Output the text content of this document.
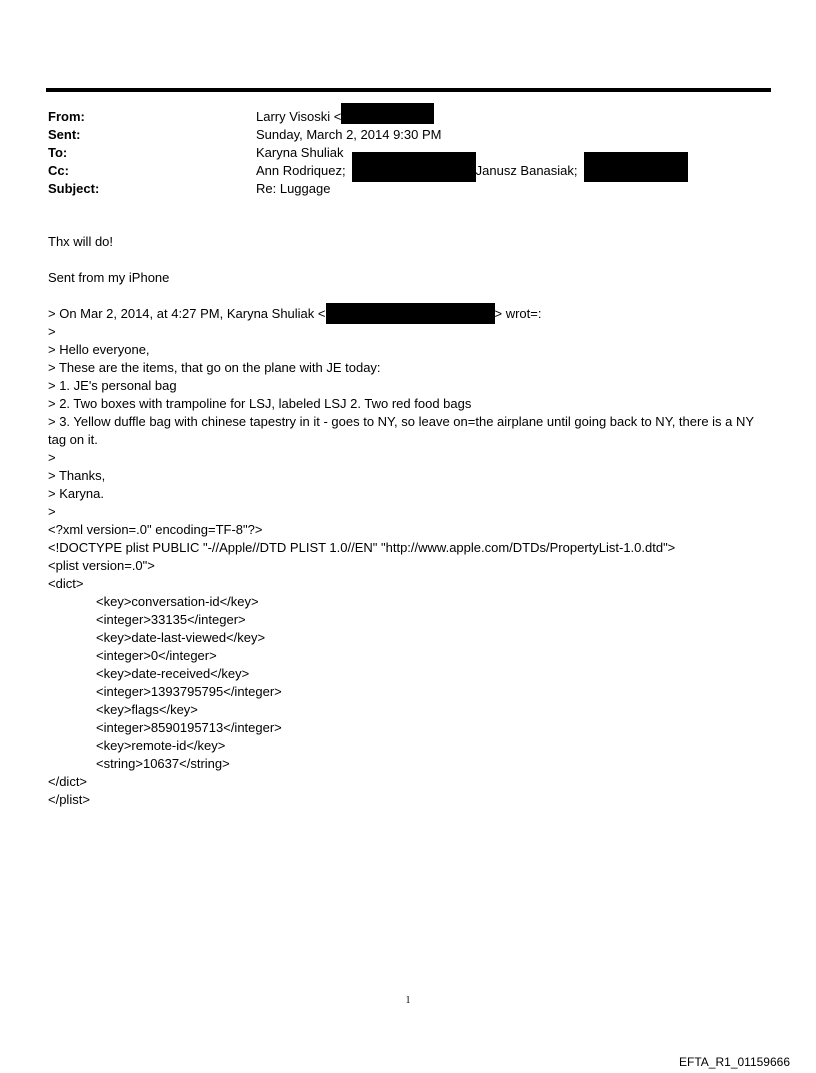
From:	Larry Visoski <
Sent:	Sunday, March 2, 2014 9:30 PM
To:	Karyna Shuliak
Cc:	Ann Rodriquez;	Janusz Banasiak;
Subject:	Re: Luggage
Thx will do!
Sent from my iPhone
> On Mar 2, 2014, at 4:27 PM, Karyna Shuliak <	> wrot=:
>
> Hello everyone,
> These are the items, that go on the plane with JE today:
> 1. JE's personal bag
> 2. Two boxes with trampoline for LSJ, labeled LSJ 2. Two red food bags
> 3. Yellow duffle bag with chinese tapestry in it - goes to NY, so leave on=the airplane until going back to NY, there is a NY tag on it.
>
> Thanks,
> Karyna.
>
<?xml version=.0" encoding=TF-8"?>
<!DOCTYPE plist PUBLIC "-//Apple//DTD PLIST 1.0//EN" "http://www.apple.com/DTDs/PropertyList-1.0.dtd">
<plist version=.0">
<dict>
<key>conversation-id</key>
<integer>33135</integer>
<key>date-last-viewed</key>
<integer>0</integer>
<key>date-received</key>
<integer>1393795795</integer>
<key>flags</key>
<integer>8590195713</integer>
<key>remote-id</key>
<string>10637</string>
</dict>
</plist>
1
EFTA_R1_01159666
